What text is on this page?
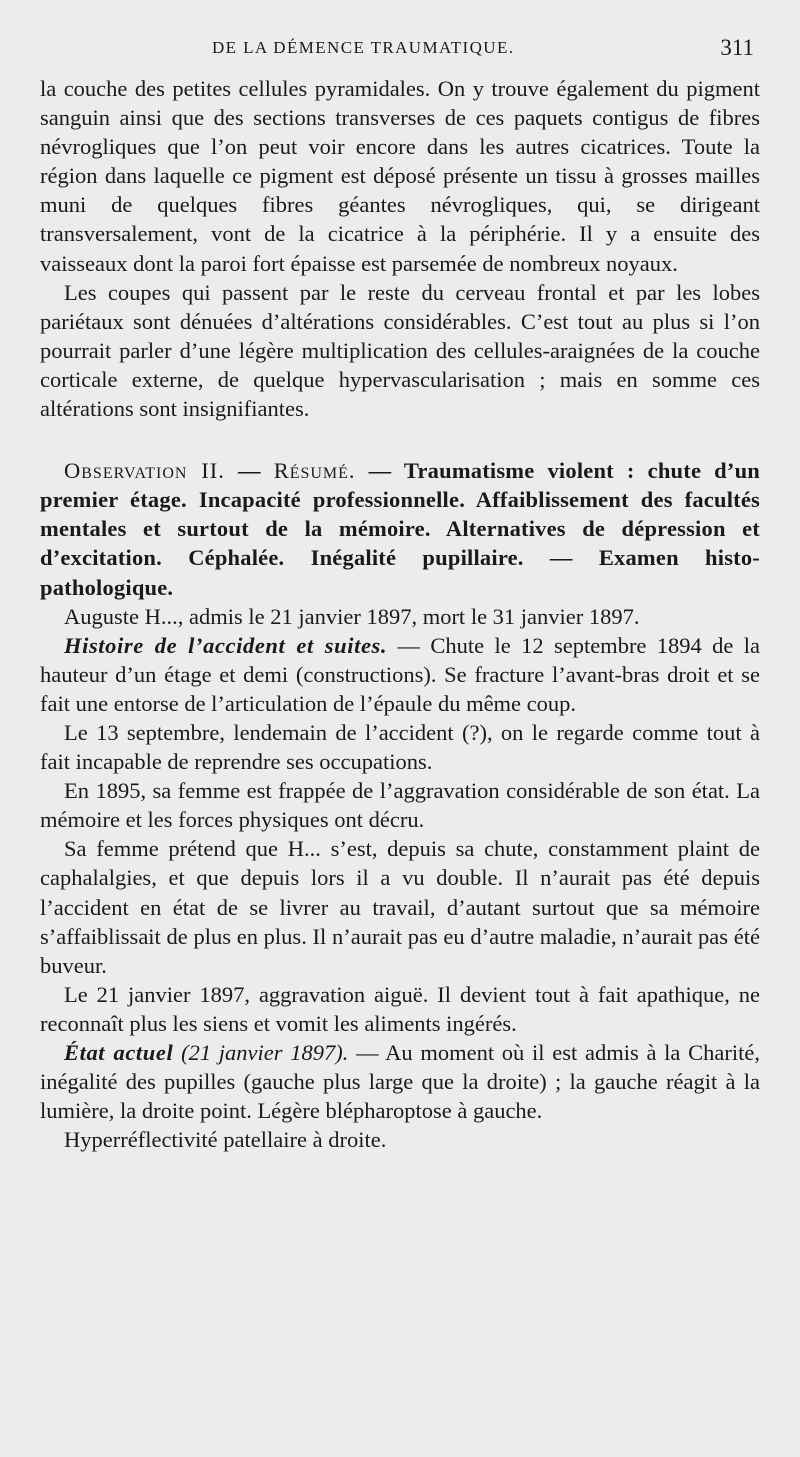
DE LA DÉMENCE TRAUMATIQUE.	311

la couche des petites cellules pyramidales. On y trouve également du pigment sanguin ainsi que des sections transverses de ces paquets contigus de fibres névrogliques que l’on peut voir encore dans les autres cicatrices. Toute la région dans laquelle ce pigment est déposé présente un tissu à grosses mailles muni de quelques fibres géantes névrogliques, qui, se dirigeant transversalement, vont de la cicatrice à la périphérie. Il y a ensuite des vaisseaux dont la paroi fort épaisse est parsemée de nombreux noyaux.

Les coupes qui passent par le reste du cerveau frontal et par les lobes pariétaux sont dénuées d’altérations considérables. C’est tout au plus si l’on pourrait parler d’une légère multiplication des cellules-araignées de la couche corticale externe, de quelque hypervascularisation ; mais en somme ces altérations sont insignifiantes.

Observation II. — Résumé. — Traumatisme violent : chute d’un premier étage. Incapacité professionnelle. Affaiblissement des facultés mentales et surtout de la mémoire. Alternatives de dépression et d’excitation. Céphalée. Inégalité pupillaire. — Examen histo-pathologique.

Auguste H..., admis le 21 janvier 1897, mort le 31 janvier 1897.

Histoire de l’accident et suites. — Chute le 12 septembre 1894 de la hauteur d’un étage et demi (constructions). Se fracture l’avant-bras droit et se fait une entorse de l’articulation de l’épaule du même coup.

Le 13 septembre, lendemain de l’accident (?), on le regarde comme tout à fait incapable de reprendre ses occupations.

En 1895, sa femme est frappée de l’aggravation considérable de son état. La mémoire et les forces physiques ont décru.

Sa femme prétend que H... s’est, depuis sa chute, constamment plaint de caphalalgies, et que depuis lors il a vu double. Il n’aurait pas été depuis l’accident en état de se livrer au travail, d’autant surtout que sa mémoire s’affaiblissait de plus en plus. Il n’aurait pas eu d’autre maladie, n’aurait pas été buveur.

Le 21 janvier 1897, aggravation aiguë. Il devient tout à fait apathique, ne reconnaît plus les siens et vomit les aliments ingérés.

État actuel (21 janvier 1897). — Au moment où il est admis à la Charité, inégalité des pupilles (gauche plus large que la droite) ; la gauche réagit à la lumière, la droite point. Légère blépharoptose à gauche.

Hyperréflectivité patellaire à droite.
